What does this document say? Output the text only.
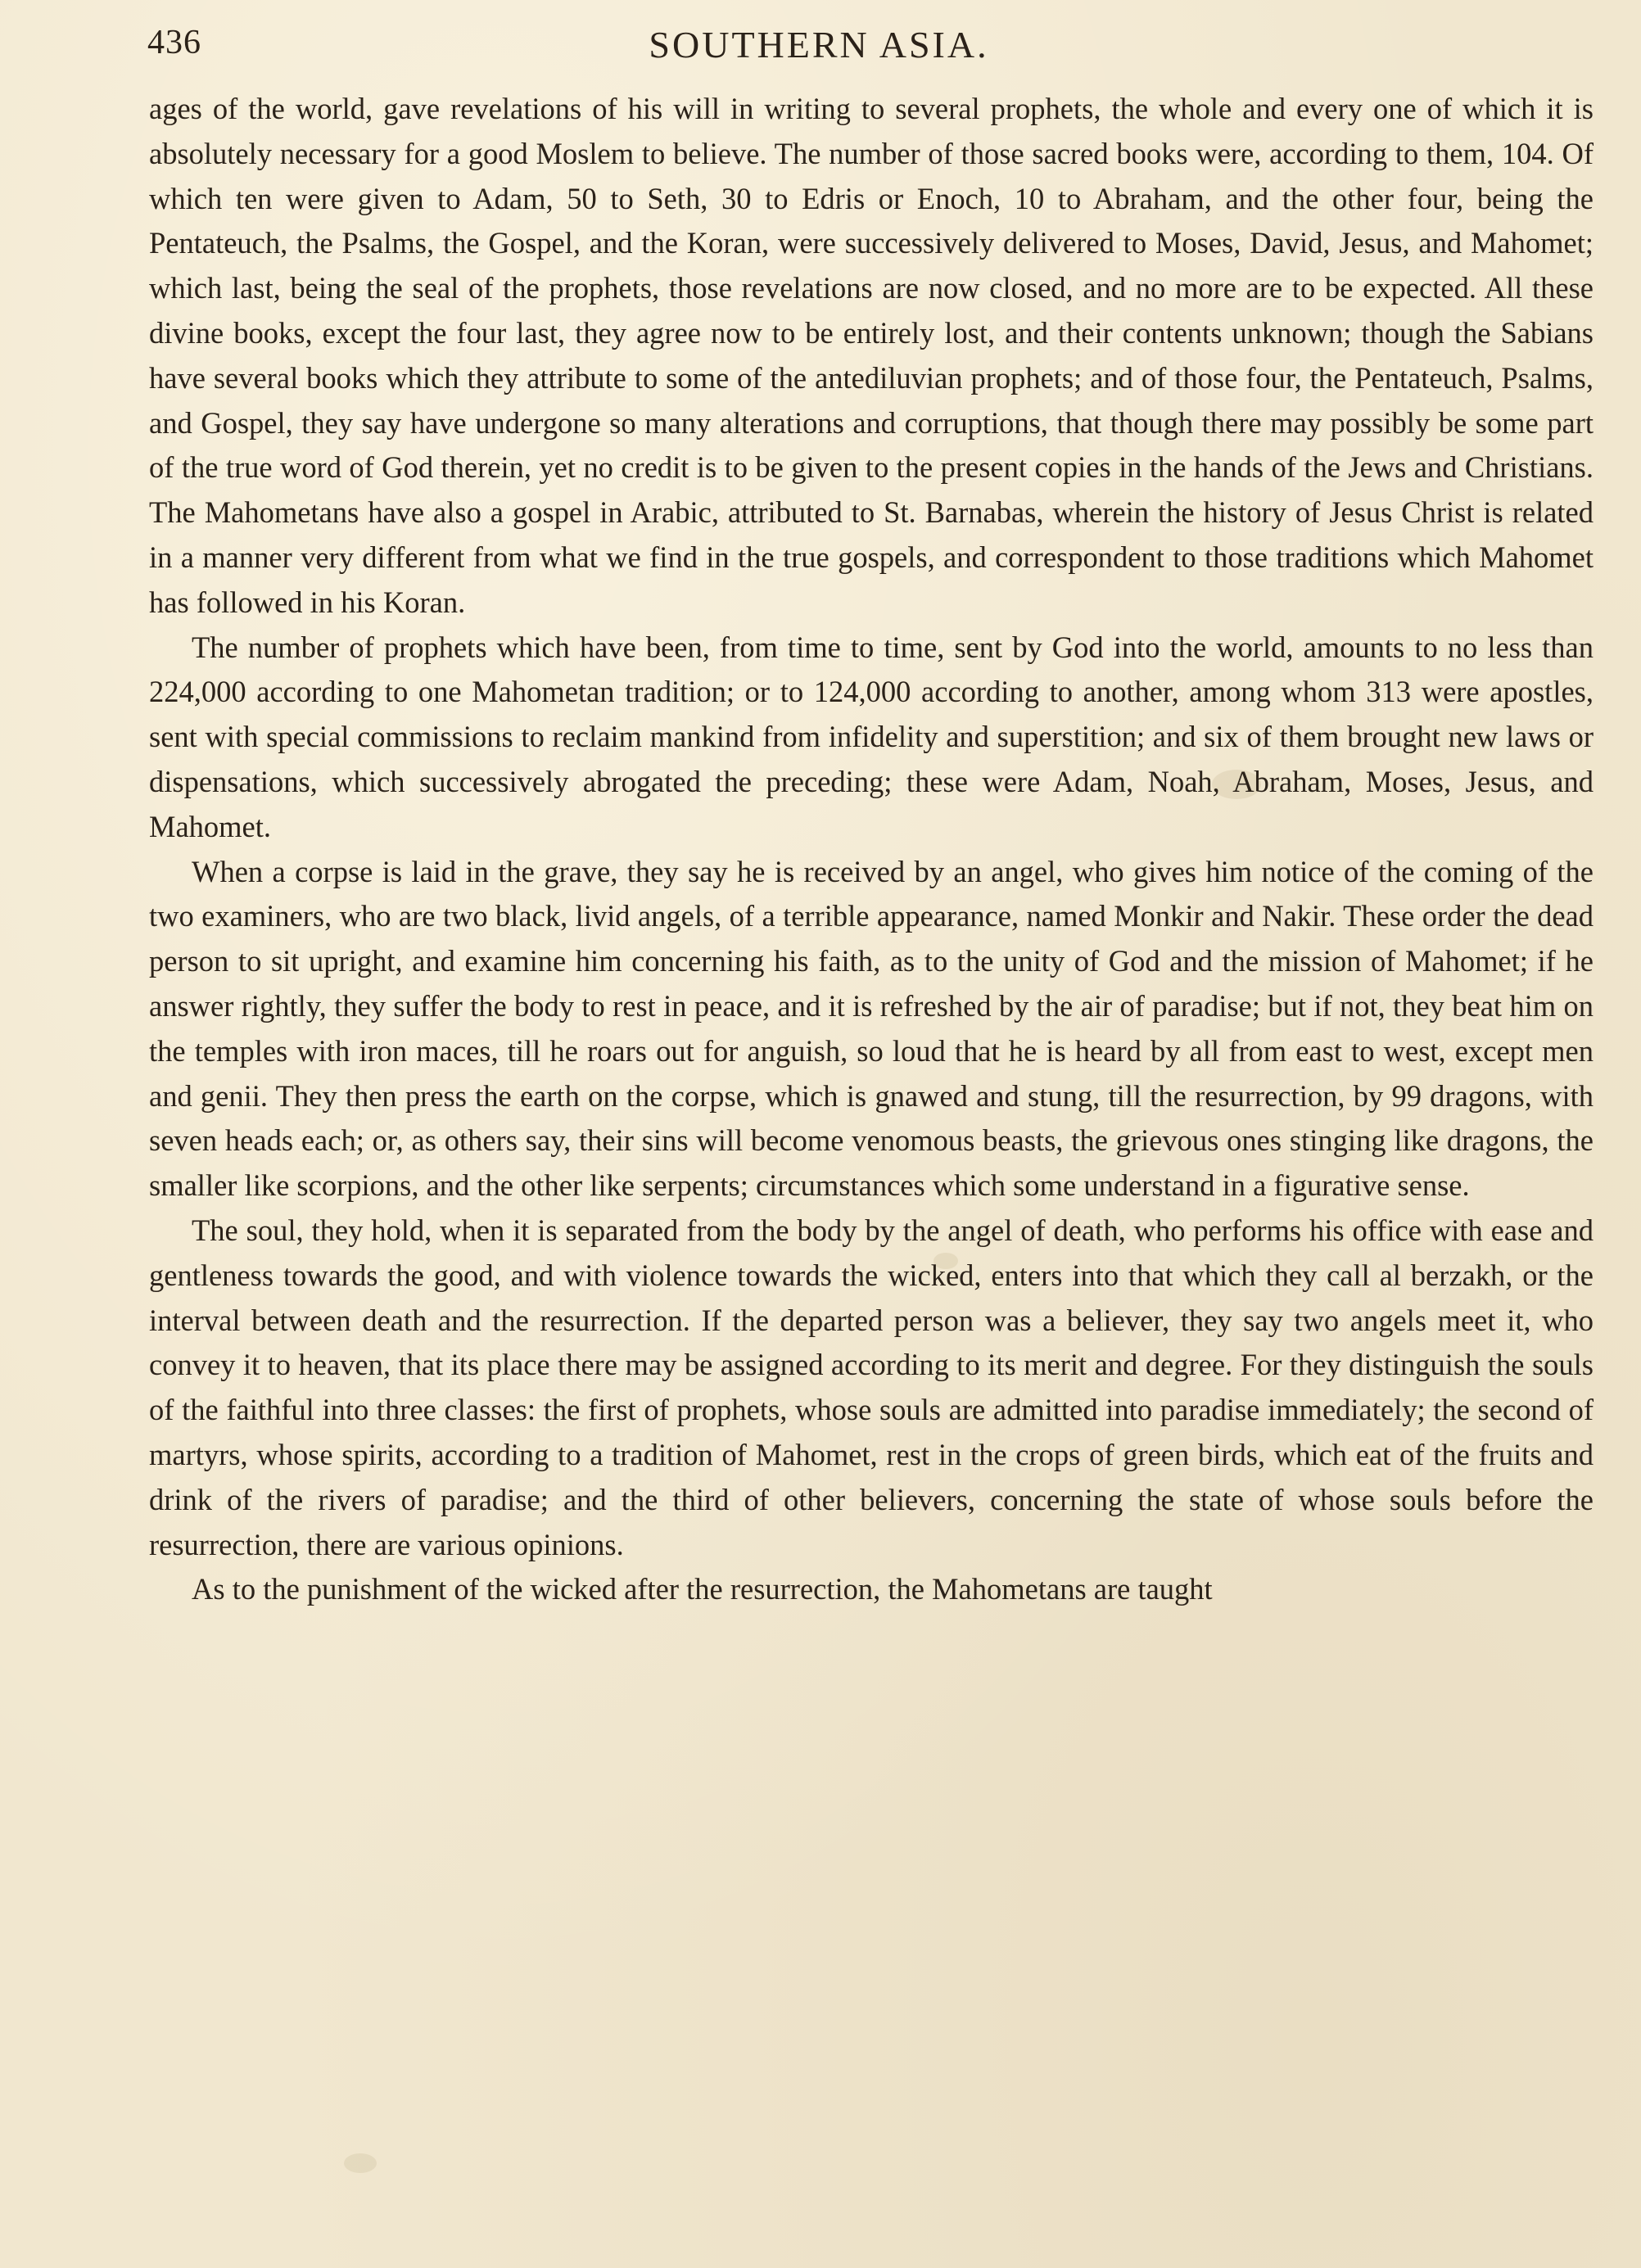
436	SOUTHERN ASIA.

ages of the world, gave revelations of his will in writing to several prophets, the whole and every one of which it is absolutely necessary for a good Moslem to believe. The number of those sacred books were, according to them, 104. Of which ten were given to Adam, 50 to Seth, 30 to Edris or Enoch, 10 to Abraham, and the other four, being the Pentateuch, the Psalms, the Gospel, and the Koran, were successively delivered to Moses, David, Jesus, and Mahomet; which last, being the seal of the prophets, those revelations are now closed, and no more are to be expected. All these divine books, except the four last, they agree now to be entirely lost, and their contents unknown; though the Sabians have several books which they attribute to some of the antediluvian prophets; and of those four, the Pentateuch, Psalms, and Gospel, they say have undergone so many alterations and corruptions, that though there may possibly be some part of the true word of God therein, yet no credit is to be given to the present copies in the hands of the Jews and Christians. The Mahometans have also a gospel in Arabic, attributed to St. Barnabas, wherein the history of Jesus Christ is related in a manner very different from what we find in the true gospels, and correspondent to those traditions which Mahomet has followed in his Koran.

The number of prophets which have been, from time to time, sent by God into the world, amounts to no less than 224,000 according to one Mahometan tradition; or to 124,000 according to another, among whom 313 were apostles, sent with special commissions to reclaim mankind from infidelity and superstition; and six of them brought new laws or dispensations, which successively abrogated the preceding; these were Adam, Noah, Abraham, Moses, Jesus, and Mahomet.

When a corpse is laid in the grave, they say he is received by an angel, who gives him notice of the coming of the two examiners, who are two black, livid angels, of a terrible appearance, named Monkir and Nakir. These order the dead person to sit upright, and examine him concerning his faith, as to the unity of God and the mission of Mahomet; if he answer rightly, they suffer the body to rest in peace, and it is refreshed by the air of paradise; but if not, they beat him on the temples with iron maces, till he roars out for anguish, so loud that he is heard by all from east to west, except men and genii. They then press the earth on the corpse, which is gnawed and stung, till the resurrection, by 99 dragons, with seven heads each; or, as others say, their sins will become venomous beasts, the grievous ones stinging like dragons, the smaller like scorpions, and the other like serpents; circumstances which some understand in a figurative sense.

The soul, they hold, when it is separated from the body by the angel of death, who performs his office with ease and gentleness towards the good, and with violence towards the wicked, enters into that which they call al berzakh, or the interval between death and the resurrection. If the departed person was a believer, they say two angels meet it, who convey it to heaven, that its place there may be assigned according to its merit and degree. For they distinguish the souls of the faithful into three classes: the first of prophets, whose souls are admitted into paradise immediately; the second of martyrs, whose spirits, according to a tradition of Mahomet, rest in the crops of green birds, which eat of the fruits and drink of the rivers of paradise; and the third of other believers, concerning the state of whose souls before the resurrection, there are various opinions.

As to the punishment of the wicked after the resurrection, the Mahometans are taught
